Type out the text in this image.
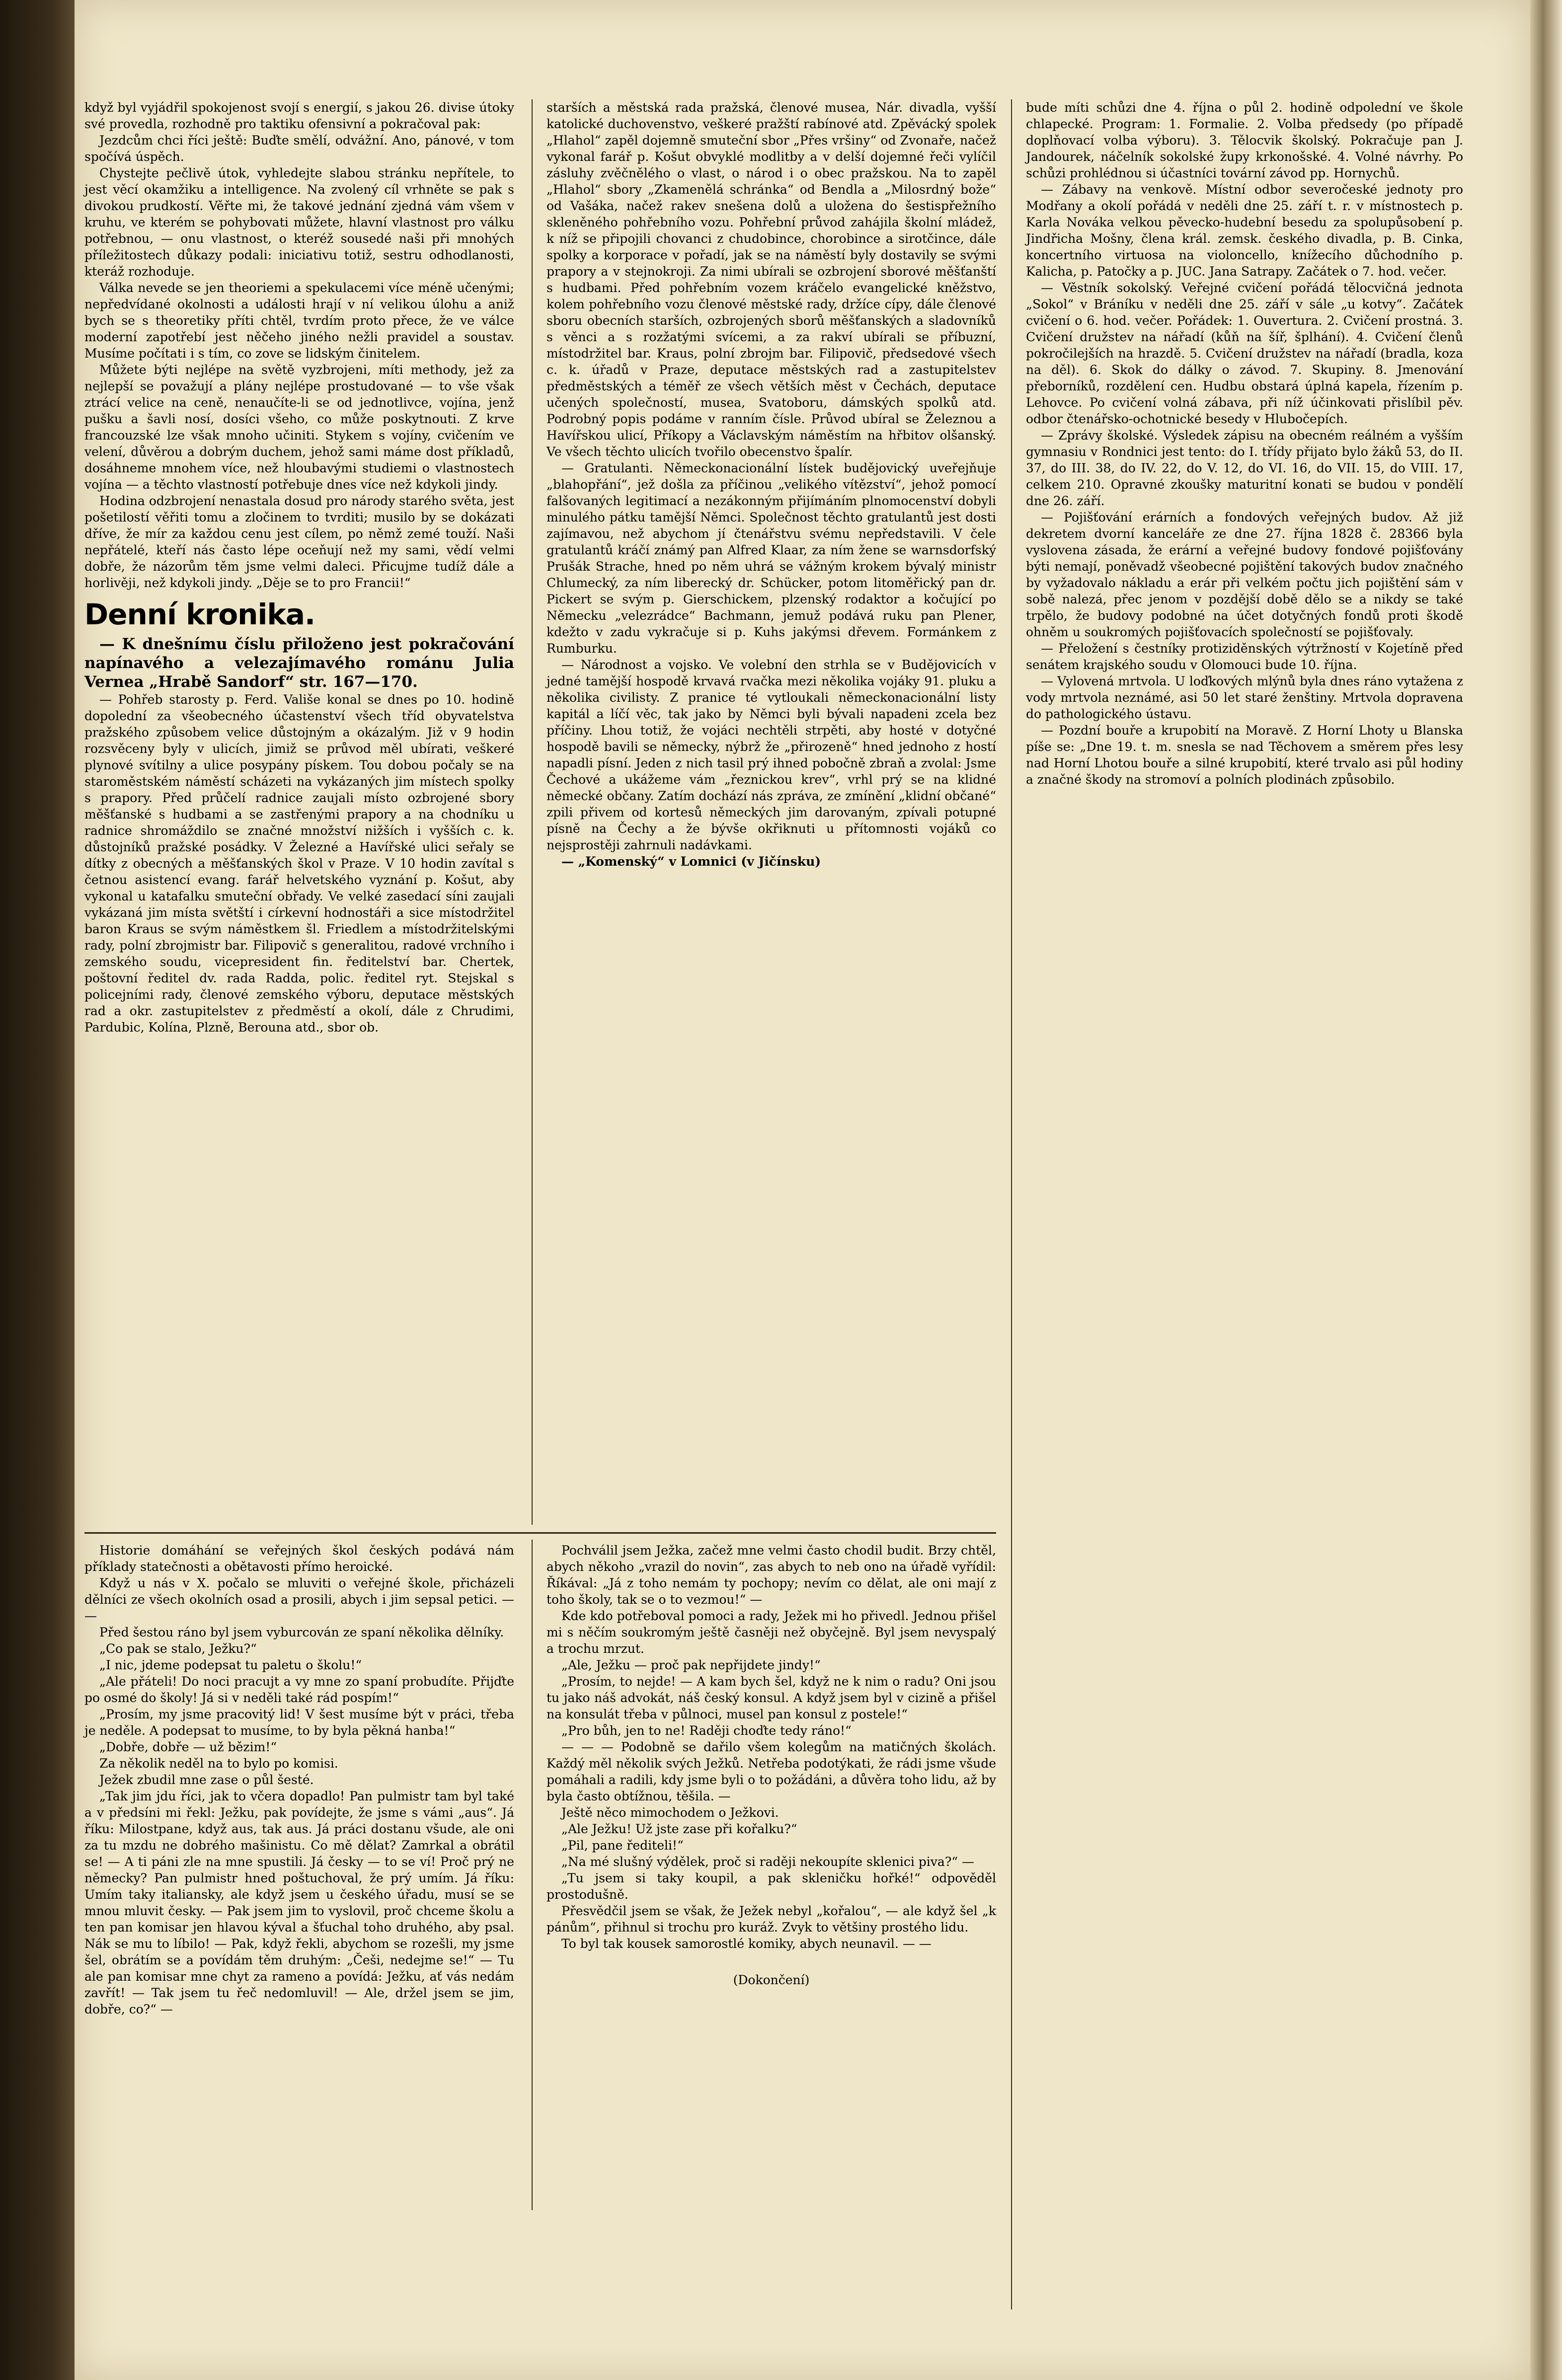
když byl vyjádřil spokojenost svojí s energií, s jakou 26. divise útoky své provedla, rozhodně pro taktiku ofensivní a pokračoval pak:

Jezdcům chci říci ještě: Buďte smělí, odvážní. Ano, pánové, v tom spočívá úspěch.

Chystejte pečlivě útok, vyhledejte slabou stránku nepřítele, to jest věcí okamžiku a intelligence. Na zvolený cíl vrhněte se pak s divokou prudkostí. Věřte mi, že takové jednání zjedná vám všem v kruhu, ve kterém se pohybovati můžete, hlavní vlastnost pro válku potřebnou, — onu vlastnost, o kteréž sousedé naši při mnohých příležitostech důkazy podali: iniciativu totiž, sestru odhodlanosti, kteráž rozhoduje.

Válka nevede se jen theoriemi a spekulacemi více méně učenými; nepředvídané okolnosti a události hrají v ní velikou úlohu a aniž bych se s theoretiky příti chtěl, tvrdím proto přece, že ve válce moderní zapotřebí jest něčeho jiného nežli pravidel a soustav. Musíme počítati i s tím, co zove se lidským činitelem.

Můžete býti nejlépe na světě vyzbrojeni, míti methody, jež za nejlepší se považují a plány nejlépe prostudované — to vše však ztrácí velice na ceně, nenaučíte-li se od jednotlivce, vojína, jenž pušku a šavli nosí, dosíci všeho, co může poskytnouti. Z krve francouzské lze však mnoho učiniti. Stykem s vojíny, cvičením ve velení, důvěrou a dobrým duchem, jehož sami máme dost příkladů, dosáhneme mnohem více, než hloubavými studiemi o vlastnostech vojína — a těchto vlastností potřebuje dnes více než kdykoli jindy.

Hodina odzbrojení nenastala dosud pro národy starého světa, jest pošetilostí věřiti tomu a zločinem to tvrditi; musilo by se dokázati dříve, že mír za každou cenu jest cílem, po němž zemé touží. Naši nepřátelé, kteří nás často lépe oceňují než my sami, vědí velmi dobře, že názorům těm jsme velmi daleci. Přicujme tudíž dále a horlivěji, než kdykoli jindy. „Děje se to pro Francii!“

Denní kronika.

— K dnešnímu číslu přiloženo jest pokračování napínavého a velezajímavého románu Julia Vernea „Hrabě Sandorf“ str. 167—170.

— Pohřeb starosty p. Ferd. Vališe konal se dnes po 10. hodině dopolední za všeobecného účastenství všech tříd obyvatelstva pražského způsobem velice důstojným a okázalým. Již v 9 hodin rozsvěceny byly v ulicích, jimiž se průvod měl ubírati, veškeré plynové svítilny a ulice posypány pískem. Tou dobou počaly se na staroměstském náměstí scházeti na vykázaných jim místech spolky s prapory. Před průčelí radnice zaujali místo ozbrojené sbory měšťanské s hudbami a se zastřenými prapory a na chodníku u radnice shromáždilo se značné množství nižších i vyšších c. k. důstojníků pražské posádky. V Železné a Havířské ulici seřaly se dítky z obecných a měšťanských škol v Praze. V 10 hodin zavítal s četnou asistencí evang. farář helvetského vyznání p. Košut, aby vykonal u katafalku smuteční obřady. Ve velké zasedací síni zaujali vykázaná jim místa světští i církevní hodnostáři a sice místodržitel baron Kraus se svým náměstkem šl. Friedlem a místodržitelskými rady, polní zbrojmistr bar. Filipovič s generalitou, radové vrchního i zemského soudu, vicepresident fin. ředitelství bar. Chertek, poštovní ředitel dv. rada Radda, polic. ředitel ryt. Stejskal s policejními rady, členové zemského výboru, deputace městských rad a okr. zastupitelstev z předměstí a okolí, dále z Chrudimi, Pardubic, Kolína, Plzně, Berouna atd., sbor ob.

starších a městská rada pražská, členové musea, Nár. divadla, vyšší katolické duchovenstvo, veškeré pražští rabínové atd. Zpěvácký spolek „Hlahol“ zapěl dojemně smuteční sbor „Přes vršiny“ od Zvonaře, načež vykonal farář p. Košut obvyklé modlitby a v delší dojemné řeči vylíčil zásluhy zvěčnělého o vlast, o národ i o obec pražskou. Na to zapěl „Hlahol“ sbory „Zkamenělá schránka“ od Bendla a „Milosrdný bože“ od Vašáka, načež rakev snešena dolů a uložena do šestispřežního skleněného pohřebního vozu. Pohřební průvod zahájila školní mládež, k níž se připojili chovanci z chudobince, chorobince a sirotčince, dále spolky a korporace v pořadí, jak se na náměstí byly dostavily se svými prapory a v stejnokroji. Za nimi ubírali se ozbrojení sborové měšťanští s hudbami. Před pohřebním vozem kráčelo evangelické kněžstvo, kolem pohřebního vozu členové městské rady, držíce cípy, dále členové sboru obecních starších, ozbrojených sborů měšťanských a sladovníků s věnci a s rozžatými svícemi, a za rakví ubírali se příbuzní, místodržitel bar. Kraus, polní zbrojm bar. Filipovič, předsedové všech c. k. úřadů v Praze, deputace městských rad a zastupitelstev předměstských a téměř ze všech větších měst v Čechách, deputace učených společností, musea, Svatoboru, dámských spolků atd. Podrobný popis podáme v ranním čísle. Průvod ubíral se Železnou a Havířskou ulicí, Příkopy a Václavským náměstím na hřbitov olšanský. Ve všech těchto ulicích tvořilo obecenstvo špalír.

— Gratulanti. Německonacionální lístek budějovický uveřejňuje „blahopřání“, jež došla za příčinou „velikého vítězství“, jehož pomocí falšovaných legitimací a nezákonným přijímáním plnomocenství dobyli minulého pátku tamější Němci. Společnost těchto gratulantů jest dosti zajímavou, než abychom jí čtenářstvu svému nepředstavili. V čele gratulantů kráčí známý pan Alfred Klaar, za ním žene se warnsdorfský Prušák Strache, hned po něm uhrá se vážným krokem bývalý ministr Chlumecký, za ním liberecký dr. Schücker, potom litoměřický pan dr. Pickert se svým p. Gierschickem, plzenský rodaktor a kočující po Německu „velezrádce“ Bachmann, jemuž podává ruku pan Plener, kdežto v zadu vykračuje si p. Kuhs jakýmsi dřevem. Formánkem z Rumburku.

— Národnost a vojsko. Ve volební den strhla se v Budějovicích v jedné tamější hospodě krvavá rvačka mezi několika vojáky 91. pluku a několika civilisty. Z pranice té vytloukali německonacionální listy kapitál a líčí věc, tak jako by Němci byli bývali napadeni zcela bez příčiny. Lhou totiž, že vojáci nechtěli strpěti, aby hosté v dotyčné hospodě bavili se německy, nýbrž že „přirozeně“ hned jednoho z hostí napadli písní. Jeden z nich tasil prý ihned pobočně zbraň a zvolal: Jsme Čechové a ukážeme vám „řeznickou krev“, vrhl prý se na klidné německé občany. Zatím dochází nás zpráva, ze zmínění „klidní občané“ zpili přivem od kortesů německých jim darovaným, zpívali potupné písně na Čechy a že bývše okřiknuti u přítomnosti vojáků co nejsprostěji zahrnuli nadávkami.

— „Komenský“ v Lomnici (v Jičínsku)

bude míti schůzi dne 4. října o půl 2. hodině odpolední ve škole chlapecké. Program: 1. Formalie. 2. Volba předsedy (po případě doplňovací volba výboru). 3. Tělocvik školský. Pokračuje pan J. Jandourek, náčelník sokolské župy krkonošské. 4. Volné návrhy. Po schůzi prohlédnou si účastníci tovární závod pp. Hornychů.

— Zábavy na venkově. Místní odbor severočeské jednoty pro Modřany a okolí pořádá v neděli dne 25. září t. r. v místnostech p. Karla Nováka velkou pěvecko-hudební besedu za spolupůsobení p. Jindřicha Mošny, člena král. zemsk. českého divadla, p. B. Cinka, koncertního virtuosa na violoncello, knížecího důchodního p. Kalicha, p. Patočky a p. JUC. Jana Satrapy. Začátek o 7. hod. večer.

— Věstník sokolský. Veřejné cvičení pořádá tělocvičná jednota „Sokol“ v Bráníku v neděli dne 25. září v sále „u kotvy“. Začátek cvičení o 6. hod. večer. Pořádek: 1. Ouvertura. 2. Cvičení prostná. 3. Cvičení družstev na nářadí (kůň na šíř, šplhání). 4. Cvičení členů pokročilejších na hrazdě. 5. Cvičení družstev na nářadí (bradla, koza na děl). 6. Skok do dálky o závod. 7. Skupiny. 8. Jmenování přeborníků, rozdělení cen. Hudbu obstará úplná kapela, řízením p. Lehovce. Po cvičení volná zábava, při níž účinkovati přislíbil pěv. odbor čtenářsko-ochotnické besedy v Hlubočepích.

— Zprávy školské. Výsledek zápisu na obecném reálném a vyšším gymnasiu v Rondnici jest tento: do I. třídy přijato bylo žáků 53, do II. 37, do III. 38, do IV. 22, do V. 12, do VI. 16, do VII. 15, do VIII. 17, celkem 210. Opravné zkoušky maturitní konati se budou v pondělí dne 26. září.

— Pojišťování erárních a fondových veřejných budov. Až již dekretem dvorní kanceláře ze dne 27. října 1828 č. 28366 byla vyslovena zásada, že erární a veřejné budovy fondové pojišťovány býti nemají, poněvadž všeobecné pojištění takových budov značného by vyžadovalo nákladu a erár při velkém počtu jich pojištění sám v sobě nalezá, přec jenom v pozdější době dělo se a nikdy se také trpělo, že budovy podobné na účet dotyčných fondů proti škodě ohněm u soukromých pojišťovacích společností se pojišťovaly.

— Přeložení s čestníky protiziděnských výtržností v Kojetíně před senátem krajského soudu v Olomouci bude 10. října.

— Vylovená mrtvola. U loďkových mlýnů byla dnes ráno vytažena z vody mrtvola neznámé, asi 50 let staré ženštiny. Mrtvola dopravena do pathologického ústavu.

— Pozdní bouře a krupobití na Moravě. Z Horní Lhoty u Blanska píše se: „Dne 19. t. m. snesla se nad Těchovem a směrem přes lesy nad Horní Lhotou bouře a silné krupobití, které trvalo asi půl hodiny a značné škody na stromoví a polních plodinách způsobilo.

Historie domáhání se veřejných škol českých podává nám příklady statečnosti a obětavosti přímo heroické.

Když u nás v X. počalo se mluviti o veřejné škole, přicházeli dělníci ze všech okolních osad a prosili, abych i jim sepsal petici. — —

Před šestou ráno byl jsem vyburcován ze spaní několika dělníky.

„Co pak se stalo, Ježku?“

„I nic, jdeme podepsat tu paletu o školu!“

„Ale přáteli! Do noci pracujt a vy mne zo spaní probudíte. Přijďte po osmé do školy! Já si v neděli také rád pospím!“

„Prosím, my jsme pracovitý lid! V šest musíme být v práci, třeba je neděle. A podepsat to musíme, to by byla pěkná hanba!“

„Dobře, dobře — už bězim!“

Za několik neděl na to bylo po komisi.

Ježek zbudil mne zase o půl šesté.

„Tak jim jdu říci, jak to včera dopadlo! Pan pulmistr tam byl také a v předsíni mi řekl: Ježku, pak povídejte, že jsme s vámi „aus“. Já říku: Milostpane, když aus, tak aus. Já práci dostanu všude, ale oni za tu mzdu ne dobrého mašinistu. Co mě dělat? Zamrkal a obrátil se! — A ti páni zle na mne spustili. Já česky — to se ví! Proč prý ne německy? Pan pulmistr hned poštuchoval, že prý umím. Já říku: Umím taky italiansky, ale když jsem u českého úřadu, musí se se mnou mluvit česky. — Pak jsem jim to vyslovil, proč chceme školu a ten pan komisar jen hlavou kýval a šťuchal toho druhého, aby psal. Nák se mu to líbilo! — Pak, když řekli, abychom se rozešli, my jsme šel, obrátím se a povídám těm druhým: „Češi, nedejme se!“ — Tu ale pan komisar mne chyt za rameno a povídá: Ježku, ať vás nedám zavřít! — Tak jsem tu řeč nedomluvil! — Ale, držel jsem se jim, dobře, co?“ —

Pochválil jsem Ježka, začež mne velmi často chodil budit. Brzy chtěl, abych někoho „vrazil do novin“, zas abych to neb ono na úřadě vyřídil: Říkával: „Já z toho nemám ty pochopy; nevím co dělat, ale oni mají z toho školy, tak se o to vezmou!“ —

Kde kdo potřeboval pomoci a rady, Ježek mi ho přivedl. Jednou přišel mi s něčím soukromým ještě časněji než obyčejně. Byl jsem nevyspalý a trochu mrzut.

„Ale, Ježku — proč pak nepřijdete jindy!“

„Prosím, to nejde! — A kam bych šel, když ne k nim o radu? Oni jsou tu jako náš advokát, náš český konsul. A když jsem byl v cizině a přišel na konsulát třeba v půlnoci, musel pan konsul z postele!“

„Pro bůh, jen to ne! Raději choďte tedy ráno!“

— — — Podobně se dařilo všem kolegům na matičných školách. Každý měl několik svých Ježků. Netřeba podotýkati, že rádi jsme všude pomáhali a radili, kdy jsme byli o to požádáni, a důvěra toho lidu, až by byla často obtížnou, těšila. —

Ještě něco mimochodem o Ježkovi.

„Ale Ježku! Už jste zase při kořalku?“

„Pil, pane řediteli!“

„Na mé slušný výdělek, proč si raději nekoupíte sklenici piva?“ —

„Tu jsem si taky koupil, a pak skleničku hořké!“ odpověděl prostodušně.

Přesvědčil jsem se však, že Ježek nebyl „kořalou“, — ale když šel „k pánům“, přihnul si trochu pro kuráž. Zvyk to většiny prostého lidu.

To byl tak kousek samorostlé komiky, abych neunavil. — —

(Dokončení)
